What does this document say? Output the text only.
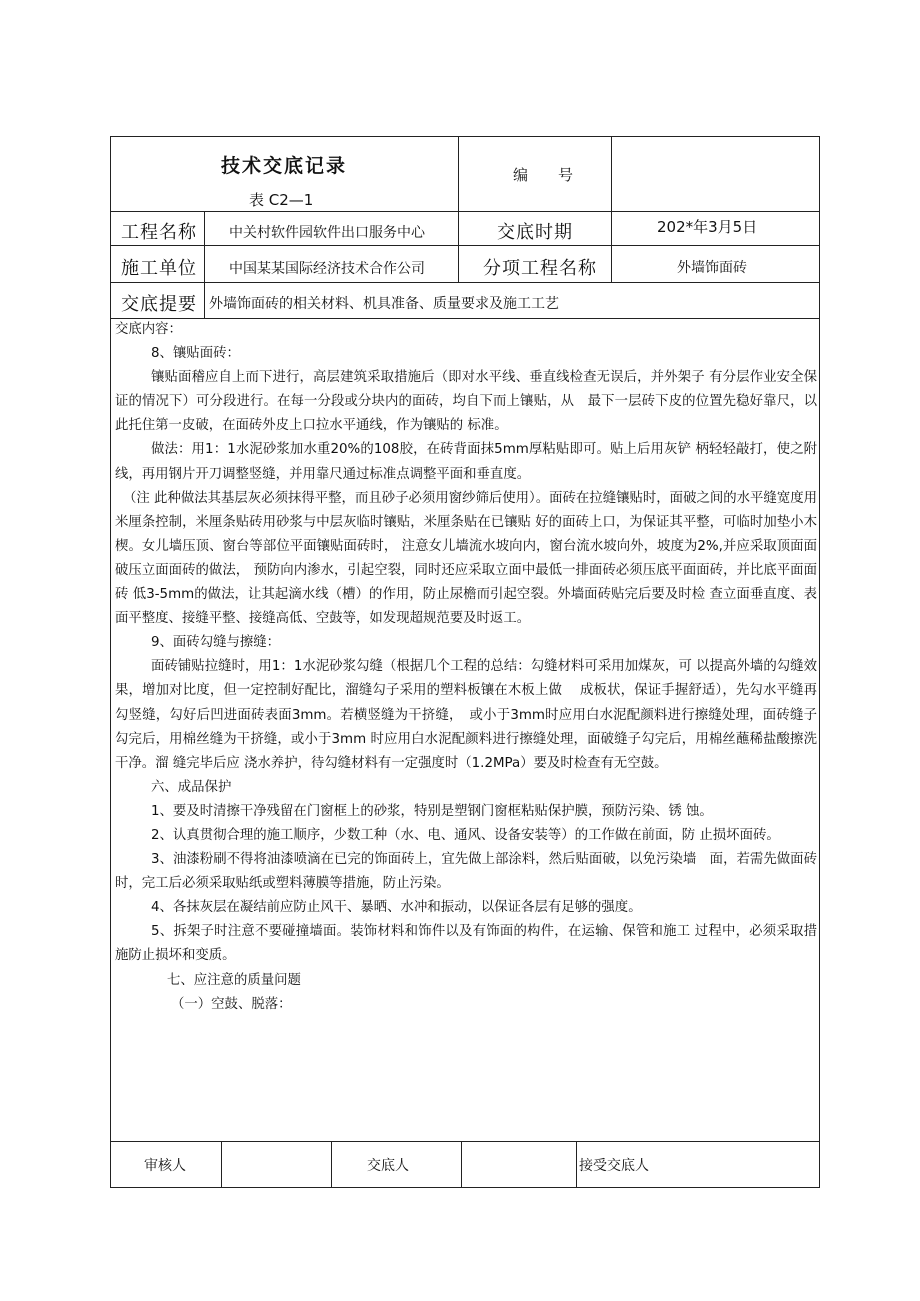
技术交底记录
表 C2—1
编　　号
工程名称 中关村软件园软件出口服务中心	交底时期	202*年3月5日
施工单位 中国某某国际经济技术合作公司	分项工程名称	外墙饰面砖
交底提要 外墙饰面砖的相关材料、机具准备、质量要求及施工工艺

交底内容：

8、镶贴面砖：

镶贴面稽应自上而下进行，高层建筑采取措施后（即对水平线、垂直线检查无误后，并外架子 有分层作业安全保证的情况下）可分段进行。在每一分段或分块内的面砖，均自下而上镶贴，从　最下一层砖下皮的位置先稳好靠尺，以此托住第一皮破，在面砖外皮上口拉水平通线，作为镶贴的 标准。

做法：用1：1水泥砂浆加水重20%的108胶，在砖背面抹5mm厚粘贴即可。贴上后用灰铲 柄轻轻敲打，使之附线，再用钢片开刀调整竖缝，并用靠尺通过标准点调整平面和垂直度。

（注 此种做法其基层灰必须抹得平整，而且砂子必须用窗纱筛后使用）。面砖在拉缝镶贴时，面破之间的水平缝宽度用米厘条控制，米厘条贴砖用砂浆与中层灰临时镶贴，米厘条贴在已镶贴 好的面砖上口，为保证其平整，可临时加垫小木楔。女儿墙压顶、窗台等部位平面镶贴面砖时， 注意女儿墙流水坡向内，窗台流水坡向外，坡度为2%,并应采取顶面面破压立面面砖的做法， 预防向内渗水，引起空裂，同时还应采取立面中最低一排面砖必须压底平面面砖，并比底平面面砖 低3-5mm的做法，让其起滴水线（槽）的作用，防止尿檐而引起空裂。外墙面砖贴完后要及时检 查立面垂直度、表面平整度、接缝平整、接缝高低、空鼓等，如发现超规范要及时返工。

9、面砖勾缝与擦缝：

面砖铺贴拉缝时，用1：1水泥砂浆勾缝（根据几个工程的总结：勾缝材料可采用加煤灰，可 以提高外墙的勾缝效果，增加对比度，但一定控制好配比，溜缝勾子采用的塑料板镶在木板上做　 成板状，保证手握舒适），先勾水平缝再勾竖缝，勾好后凹进面砖表面3mm。若横竖缝为干挤缝，　或小于3mm时应用白水泥配颜料进行擦缝处理，面砖缝子勾完后，用棉丝缝为干挤缝，或小于3mm 时应用白水泥配颜料进行擦缝处理，面破缝子勾完后，用棉丝蘸稀盐酸擦洗干净。溜 缝完毕后应 浇水养护，待勾缝材料有一定强度时（1.2MPa）要及时检查有无空鼓。

六、成品保护

1、要及时清擦干净残留在门窗框上的砂浆，特别是塑钢门窗框粘贴保护膜，预防污染、锈 蚀。

2、认真贯彻合理的施工顺序，少数工种（水、电、通风、设备安装等）的工作做在前面，防 止损坏面砖。

3、油漆粉刷不得将油漆喷滴在已完的饰面砖上，宜先做上部涂料，然后贴面破，以免污染墙　面，若需先做面砖时，完工后必须采取贴纸或塑料薄膜等措施，防止污染。

4、各抹灰层在凝结前应防止风干、暴晒、水冲和振动，以保证各层有足够的强度。

5、拆架子时注意不要碰撞墙面。装饰材料和饰件以及有饰面的构件，在运输、保管和施工 过程中，必须采取措施防止损坏和变质。

七、应注意的质量问题

（一）空鼓、脱落：

审核人	交底人	接受交底人
